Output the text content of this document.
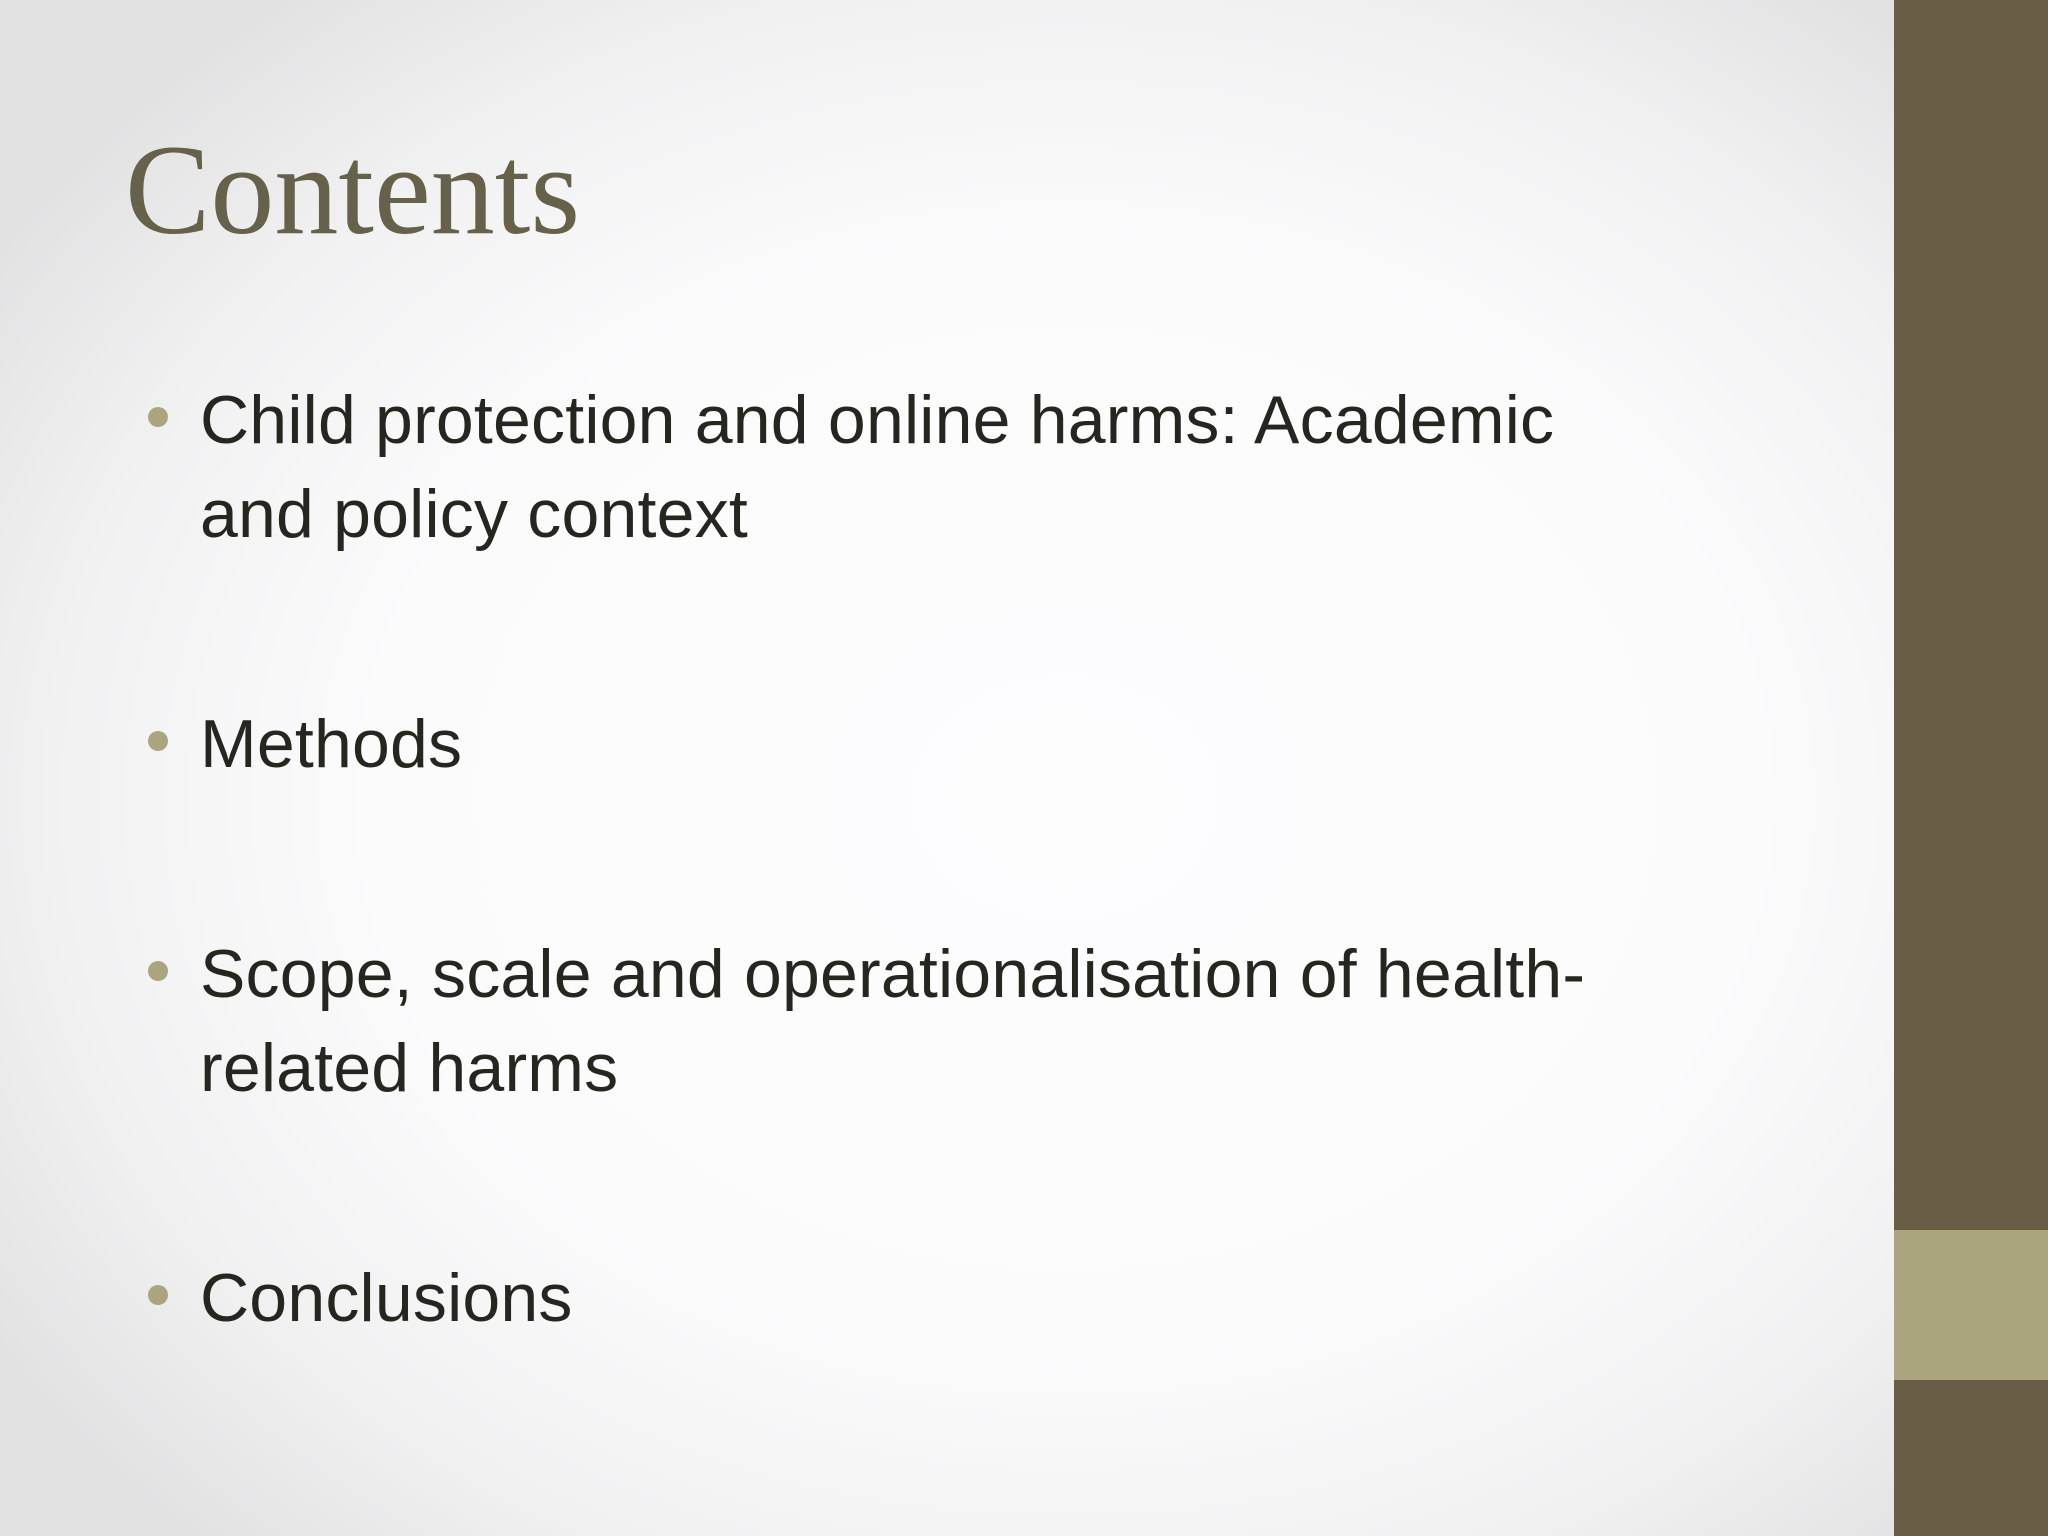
Contents
Child protection and online harms: Academic
and policy context
Methods
Scope, scale and operationalisation of health-
related harms
Conclusions
